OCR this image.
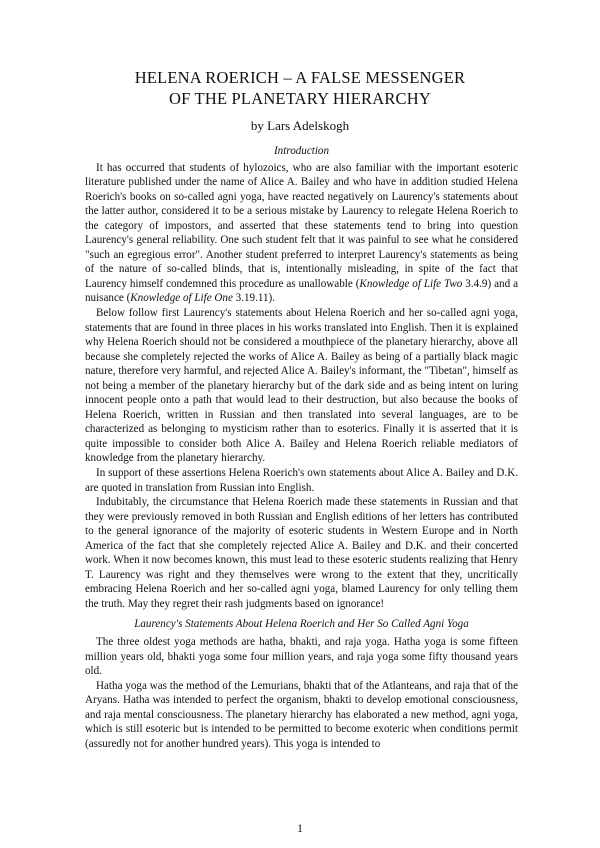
HELENA ROERICH – A FALSE MESSENGER
OF THE PLANETARY HIERARCHY
by Lars Adelskogh
Introduction

It has occurred that students of hylozoics, who are also familiar with the important esoteric literature published under the name of Alice A. Bailey and who have in addition studied Helena Roerich's books on so-called agni yoga, have reacted negatively on Laurency's statements about the latter author, considered it to be a serious mistake by Laurency to relegate Helena Roerich to the category of impostors, and asserted that these statements tend to bring into question Laurency's general reliability. One such student felt that it was painful to see what he considered "such an egregious error". Another student preferred to interpret Laurency's statements as being of the nature of so-called blinds, that is, intentionally misleading, in spite of the fact that Laurency himself condemned this procedure as unallowable (Knowledge of Life Two 3.4.9) and a nuisance (Knowledge of Life One 3.19.11).

Below follow first Laurency's statements about Helena Roerich and her so-called agni yoga, statements that are found in three places in his works translated into English. Then it is explained why Helena Roerich should not be considered a mouthpiece of the planetary hierarchy, above all because she completely rejected the works of Alice A. Bailey as being of a partially black magic nature, therefore very harmful, and rejected Alice A. Bailey's informant, the "Tibetan", himself as not being a member of the planetary hierarchy but of the dark side and as being intent on luring innocent people onto a path that would lead to their destruction, but also because the books of Helena Roerich, written in Russian and then translated into several languages, are to be characterized as belonging to mysticism rather than to esoterics. Finally it is asserted that it is quite impossible to consider both Alice A. Bailey and Helena Roerich reliable mediators of knowledge from the planetary hierarchy.

In support of these assertions Helena Roerich's own statements about Alice A. Bailey and D.K. are quoted in translation from Russian into English.

Indubitably, the circumstance that Helena Roerich made these statements in Russian and that they were previously removed in both Russian and English editions of her letters has contributed to the general ignorance of the majority of esoteric students in Western Europe and in North America of the fact that she completely rejected Alice A. Bailey and D.K. and their concerted work. When it now becomes known, this must lead to these esoteric students realizing that Henry T. Laurency was right and they themselves were wrong to the extent that they, uncritically embracing Helena Roerich and her so-called agni yoga, blamed Laurency for only telling them the truth. May they regret their rash judgments based on ignorance!

Laurency's Statements About Helena Roerich and Her So Called Agni Yoga

The three oldest yoga methods are hatha, bhakti, and raja yoga. Hatha yoga is some fifteen million years old, bhakti yoga some four million years, and raja yoga some fifty thousand years old.

Hatha yoga was the method of the Lemurians, bhakti that of the Atlanteans, and raja that of the Aryans. Hatha was intended to perfect the organism, bhakti to develop emotional consciousness, and raja mental consciousness. The planetary hierarchy has elaborated a new method, agni yoga, which is still esoteric but is intended to be permitted to become exoteric when conditions permit (assuredly not for another hundred years). This yoga is intended to

1
